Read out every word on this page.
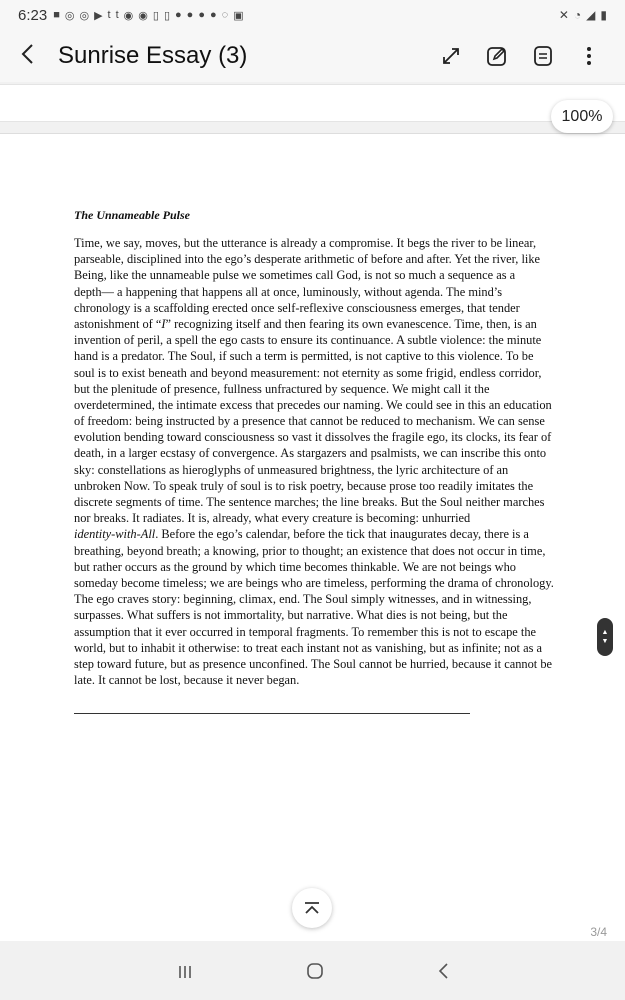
6:23 ■ ◎ ◎ ▶ t t ◉ ◉ ▯ ▯ ● ● ● ● ◌ ▣	✕ ◔ ◢ ▮
Sunrise Essay (3)
The Unnameable Pulse
Time, we say, moves, but the utterance is already a compromise. It begs the river to be linear,
parseable, disciplined into the ego’s desperate arithmetic of before and after. Yet the river, like
Being, like the unnameable pulse we sometimes call God, is not so much a sequence as a
depth— a happening that happens all at once, luminously, without agenda. The mind’s
chronology is a scaffolding erected once self-reflexive consciousness emerges, that tender
astonishment of “I” recognizing itself and then fearing its own evanescence. Time, then, is an
invention of peril, a spell the ego casts to ensure its continuance. A subtle violence: the minute
hand is a predator. The Soul, if such a term is permitted, is not captive to this violence. To be
soul is to exist beneath and beyond measurement: not eternity as some frigid, endless corridor,
but the plenitude of presence, fullness unfractured by sequence. We might call it the
overdetermined, the intimate excess that precedes our naming. We could see in this an education
of freedom: being instructed by a presence that cannot be reduced to mechanism. We can sense
evolution bending toward consciousness so vast it dissolves the fragile ego, its clocks, its fear of
death, in a larger ecstasy of convergence. As stargazers and psalmists, we can inscribe this onto
sky: constellations as hieroglyphs of unmeasured brightness, the lyric architecture of an
unbroken Now. To speak truly of soul is to risk poetry, because prose too readily imitates the
discrete segments of time. The sentence marches; the line breaks. But the Soul neither marches
nor breaks. It radiates. It is, already, what every creature is becoming: unhurried
identity-with-All. Before the ego’s calendar, before the tick that inaugurates decay, there is a
breathing, beyond breath; a knowing, prior to thought; an existence that does not occur in time,
but rather occurs as the ground by which time becomes thinkable. We are not beings who
someday become timeless; we are beings who are timeless, performing the drama of chronology.
The ego craves story: beginning, climax, end. The Soul simply witnesses, and in witnessing,
surpasses. What suffers is not immortality, but narrative. What dies is not being, but the
assumption that it ever occurred in temporal fragments. To remember this is not to escape the
world, but to inhabit it otherwise: to treat each instant not as vanishing, but as infinite; not as a
step toward future, but as presence unconfined. The Soul cannot be hurried, because it cannot be
late. It cannot be lost, because it never began.
3/4
100%
▲
▼
